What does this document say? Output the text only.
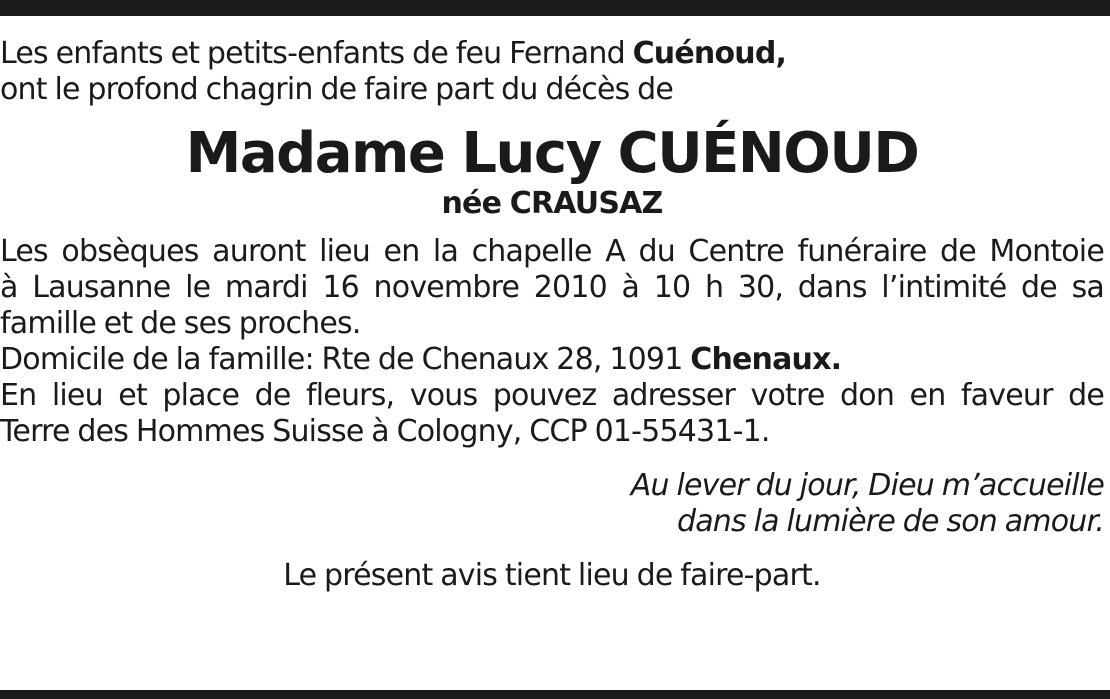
Les enfants et petits-enfants de feu Fernand Cuénoud,
ont le profond chagrin de faire part du décès de
Madame Lucy CUÉNOUD
née CRAUSAZ
Les obsèques auront lieu en la chapelle A du Centre funéraire de Montoie
à Lausanne le mardi 16 novembre 2010 à 10 h 30, dans l’intimité de sa
famille et de ses proches.
Domicile de la famille: Rte de Chenaux 28, 1091 Chenaux.
En lieu et place de fleurs, vous pouvez adresser votre don en faveur de
Terre des Hommes Suisse à Cologny, CCP 01-55431-1.
Au lever du jour, Dieu m’accueille
dans la lumière de son amour.
Le présent avis tient lieu de faire-part.
